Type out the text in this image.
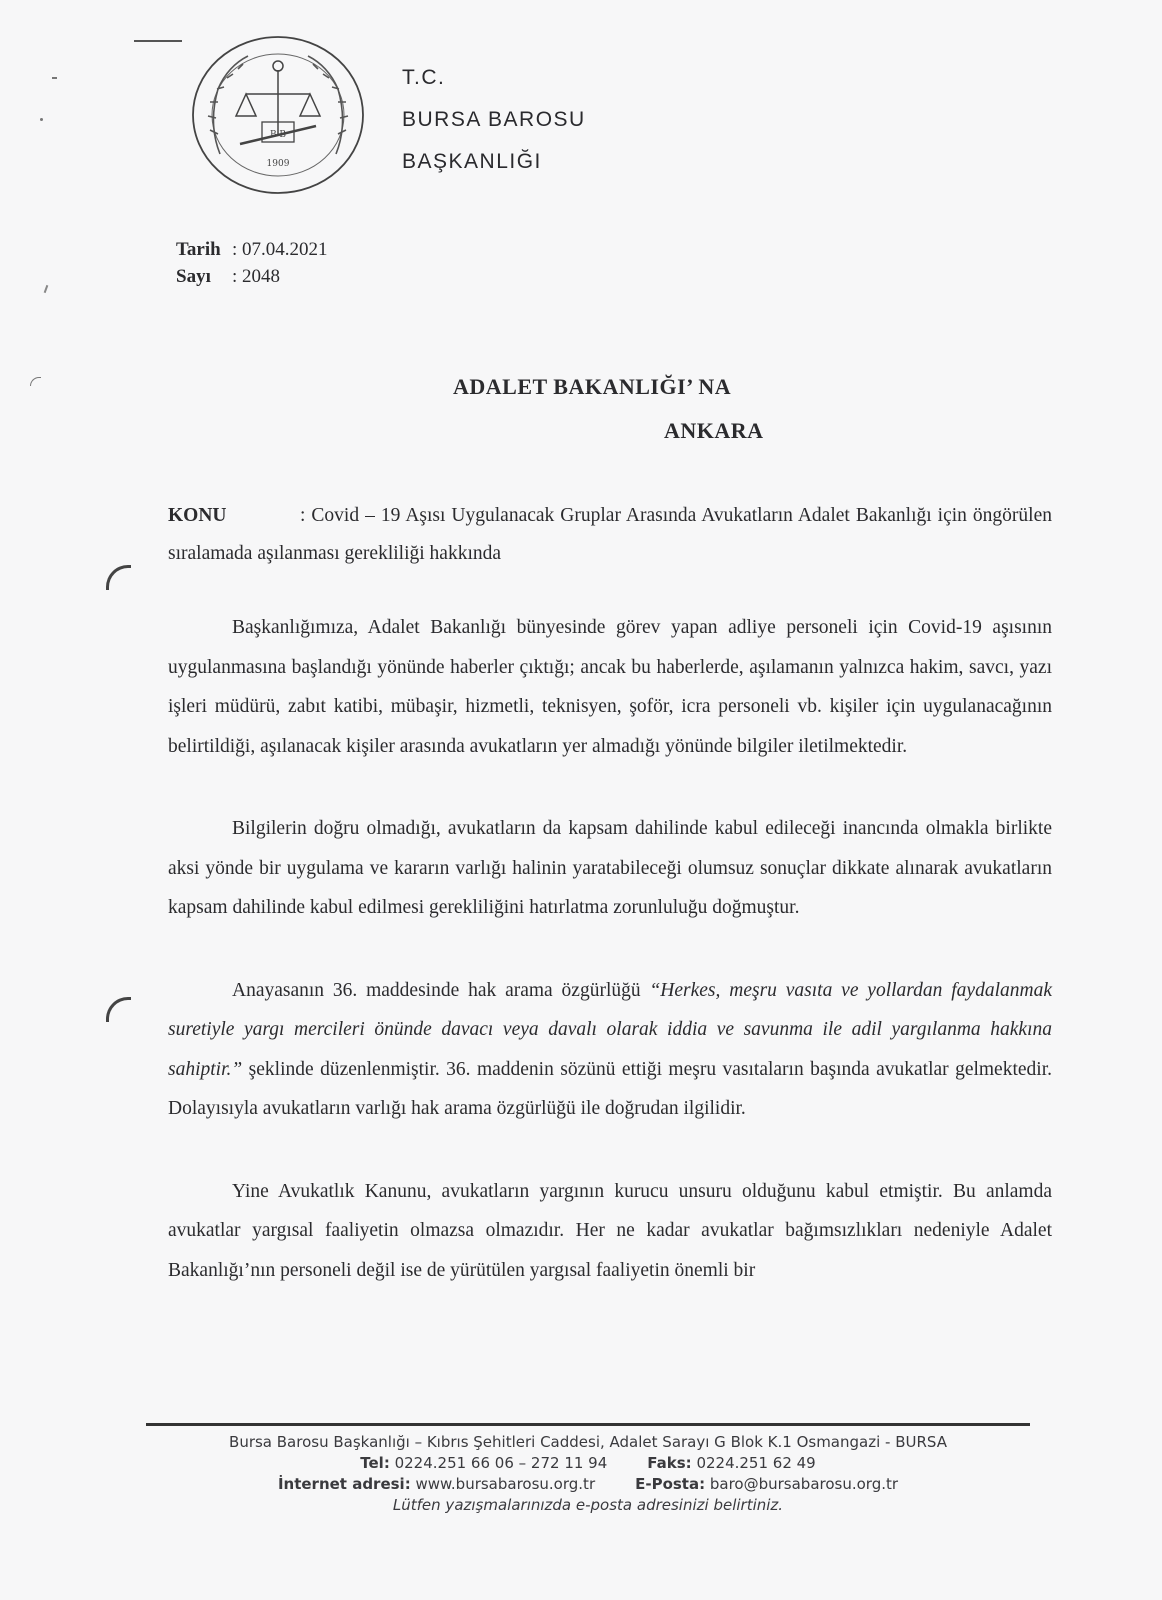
B B
1909
T.C.
BURSA BAROSU
BAŞKANLIĞI
Tarih : 07.04.2021
Sayı : 2048
ADALET BAKANLIĞI’ NA
ANKARA
KONU	: Covid – 19 Aşısı Uygulanacak Gruplar Arasında Avukatların Adalet Bakanlığı için öngörülen sıralamada aşılanması gerekliliği hakkında

Başkanlığımıza, Adalet Bakanlığı bünyesinde görev yapan adliye personeli için Covid-19 aşısının uygulanmasına başlandığı yönünde haberler çıktığı; ancak bu haberlerde, aşılamanın yalnızca hakim, savcı, yazı işleri müdürü, zabıt katibi, mübaşir, hizmetli, teknisyen, şoför, icra personeli vb. kişiler için uygulanacağının belirtildiği, aşılanacak kişiler arasında avukatların yer almadığı yönünde bilgiler iletilmektedir.

Bilgilerin doğru olmadığı, avukatların da kapsam dahilinde kabul edileceği inancında olmakla birlikte aksi yönde bir uygulama ve kararın varlığı halinin yaratabileceği olumsuz sonuçlar dikkate alınarak avukatların kapsam dahilinde kabul edilmesi gerekliliğini hatırlatma zorunluluğu doğmuştur.

Anayasanın 36. maddesinde hak arama özgürlüğü “Herkes, meşru vasıta ve yollardan faydalanmak suretiyle yargı mercileri önünde davacı veya davalı olarak iddia ve savunma ile adil yargılanma hakkına sahiptir.” şeklinde düzenlenmiştir. 36. maddenin sözünü ettiği meşru vasıtaların başında avukatlar gelmektedir. Dolayısıyla avukatların varlığı hak arama özgürlüğü ile doğrudan ilgilidir.

Yine Avukatlık Kanunu, avukatların yargının kurucu unsuru olduğunu kabul etmiştir. Bu anlamda avukatlar yargısal faaliyetin olmazsa olmazıdır. Her ne kadar avukatlar bağımsızlıkları nedeniyle Adalet Bakanlığı’nın personeli değil ise de yürütülen yargısal faaliyetin önemli bir

Bursa Barosu Başkanlığı – Kıbrıs Şehitleri Caddesi, Adalet Sarayı G Blok K.1 Osmangazi - BURSA
Tel: 0224.251 66 06 – 272 11 94	Faks: 0224.251 62 49
İnternet adresi: www.bursabarosu.org.tr	E-Posta: baro@bursabarosu.org.tr
Lütfen yazışmalarınızda e-posta adresinizi belirtiniz.
